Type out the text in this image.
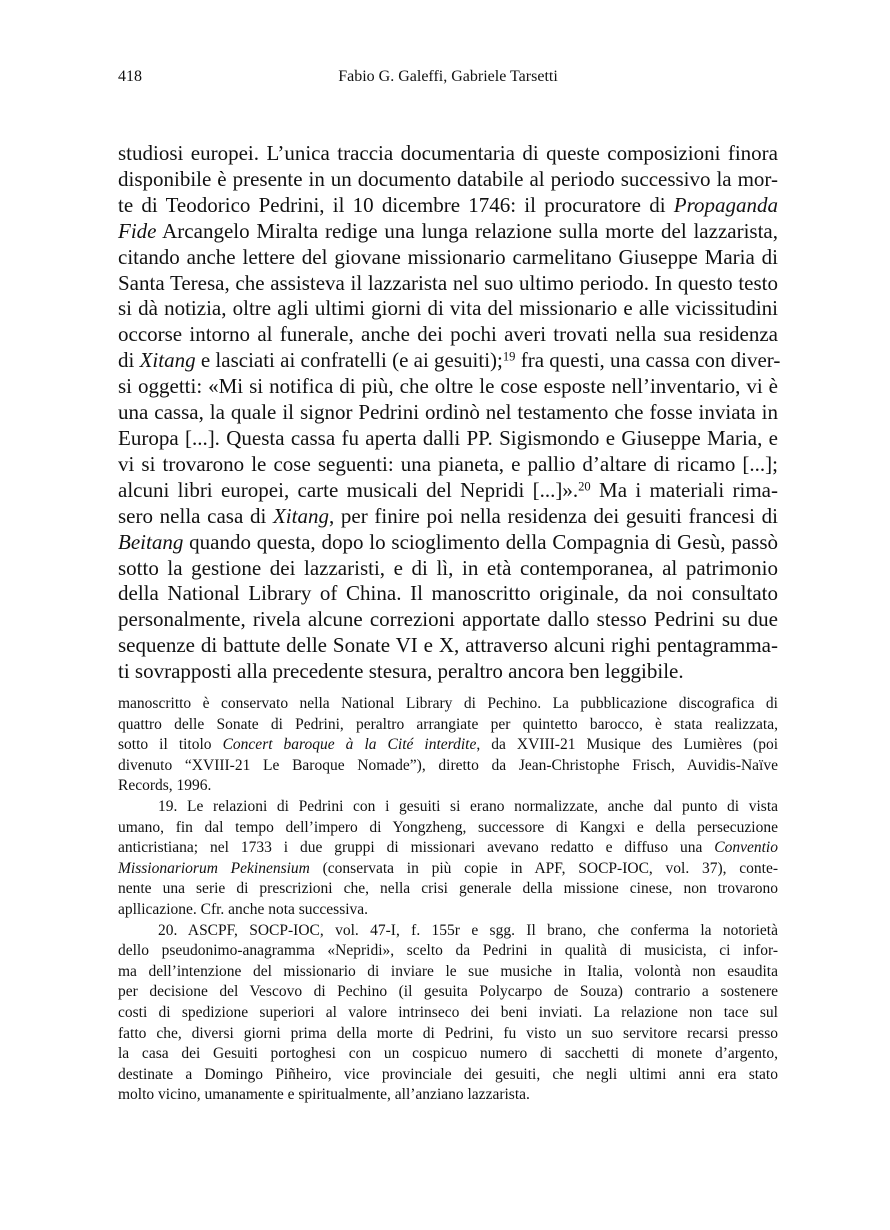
418	Fabio G. Galeffi, Gabriele Tarsetti
studiosi europei. L’unica traccia documentaria di queste composizioni finora
disponibile è presente in un documento databile al periodo successivo la mor-
te di Teodorico Pedrini, il 10 dicembre 1746: il procuratore di Propaganda
Fide Arcangelo Miralta redige una lunga relazione sulla morte del lazzarista,
citando anche lettere del giovane missionario carmelitano Giuseppe Maria di
Santa Teresa, che assisteva il lazzarista nel suo ultimo periodo. In questo testo
si dà notizia, oltre agli ultimi giorni di vita del missionario e alle vicissitudini
occorse intorno al funerale, anche dei pochi averi trovati nella sua residenza
di Xitang e lasciati ai confratelli (e ai gesuiti);$^{19}$ fra questi, una cassa con diver-
si oggetti: «Mi si notifica di più, che oltre le cose esposte nell’inventario, vi è
una cassa, la quale il signor Pedrini ordinò nel testamento che fosse inviata in
Europa [...]. Questa cassa fu aperta dalli PP. Sigismondo e Giuseppe Maria, e
vi si trovarono le cose seguenti: una pianeta, e pallio d’altare di ricamo [...];
alcuni libri europei, carte musicali del Nepridi [...]».$^{20}$ Ma i materiali rima-
sero nella casa di Xitang, per finire poi nella residenza dei gesuiti francesi di
Beitang quando questa, dopo lo scioglimento della Compagnia di Gesù, passò
sotto la gestione dei lazzaristi, e di lì, in età contemporanea, al patrimonio
della National Library of China. Il manoscritto originale, da noi consultato
personalmente, rivela alcune correzioni apportate dallo stesso Pedrini su due
sequenze di battute delle Sonate VI e X, attraverso alcuni righi pentagramma-
ti sovrapposti alla precedente stesura, peraltro ancora ben leggibile.
manoscritto è conservato nella National Library di Pechino. La pubblicazione discografica di
quattro delle Sonate di Pedrini, peraltro arrangiate per quintetto barocco, è stata realizzata,
sotto il titolo Concert baroque à la Cité interdite, da XVIII-21 Musique des Lumières (poi
divenuto “XVIII-21 Le Baroque Nomade”), diretto da Jean-Christophe Frisch, Auvidis-Naïve
Records, 1996.
19. Le relazioni di Pedrini con i gesuiti si erano normalizzate, anche dal punto di vista
umano, fin dal tempo dell’impero di Yongzheng, successore di Kangxi e della persecuzione
anticristiana; nel 1733 i due gruppi di missionari avevano redatto e diffuso una Conventio
Missionariorum Pekinensium (conservata in più copie in APF, SOCP-IOC, vol. 37), conte-
nente una serie di prescrizioni che, nella crisi generale della missione cinese, non trovarono
apllicazione. Cfr. anche nota successiva.
20. ASCPF, SOCP-IOC, vol. 47-I, f. 155r e sgg. Il brano, che conferma la notorietà
dello pseudonimo-anagramma «Nepridi», scelto da Pedrini in qualità di musicista, ci infor-
ma dell’intenzione del missionario di inviare le sue musiche in Italia, volontà non esaudita
per decisione del Vescovo di Pechino (il gesuita Polycarpo de Souza) contrario a sostenere
costi di spedizione superiori al valore intrinseco dei beni inviati. La relazione non tace sul
fatto che, diversi giorni prima della morte di Pedrini, fu visto un suo servitore recarsi presso
la casa dei Gesuiti portoghesi con un cospicuo numero di sacchetti di monete d’argento,
destinate a Domingo Piñheiro, vice provinciale dei gesuiti, che negli ultimi anni era stato
molto vicino, umanamente e spiritualmente, all’anziano lazzarista.
